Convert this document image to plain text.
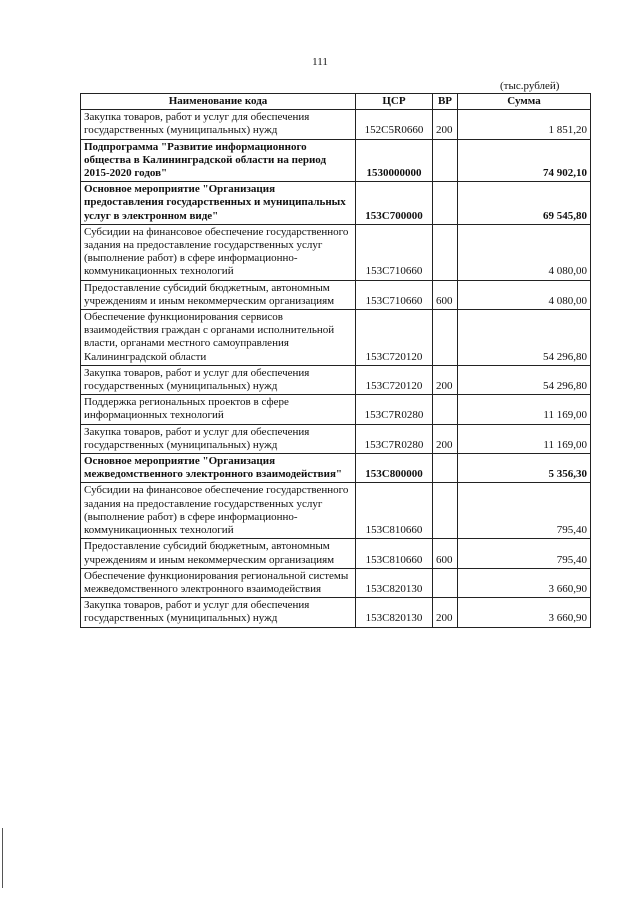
111
(тыс.рублей)
Наименование кода	ЦСР	ВР	Сумма
Закупка товаров, работ и услуг для обеспечения государственных (муниципальных) нужд	152C5R0660	200	1 851,20
Подпрограмма "Развитие информационного общества в Калининградской области на период 2015-2020 годов"	1530000000		74 902,10
Основное мероприятие "Организация предоставления государственных и муниципальных услуг в электронном виде"	153C700000		69 545,80
Субсидии на финансовое обеспечение государственного задания на предоставление государственных услуг (выполнение работ) в сфере информационно-коммуникационных технологий	153C710660		4 080,00
Предоставление субсидий бюджетным, автономным учреждениям и иным некоммерческим организациям	153C710660	600	4 080,00
Обеспечение функционирования сервисов взаимодействия граждан с органами исполнительной власти, органами местного самоуправления Калининградской области	153C720120		54 296,80
Закупка товаров, работ и услуг для обеспечения государственных (муниципальных) нужд	153C720120	200	54 296,80
Поддержка региональных проектов в сфере информационных технологий	153C7R0280		11 169,00
Закупка товаров, работ и услуг для обеспечения государственных (муниципальных) нужд	153C7R0280	200	11 169,00
Основное мероприятие "Организация межведомственного электронного взаимодействия"	153C800000		5 356,30
Субсидии на финансовое обеспечение государственного задания на предоставление государственных услуг (выполнение работ) в сфере информационно-коммуникационных технологий	153C810660		795,40
Предоставление субсидий бюджетным, автономным учреждениям и иным некоммерческим организациям	153C810660	600	795,40
Обеспечение функционирования региональной системы межведомственного электронного взаимодействия	153C820130		3 660,90
Закупка товаров, работ и услуг для обеспечения государственных (муниципальных) нужд	153C820130	200	3 660,90
